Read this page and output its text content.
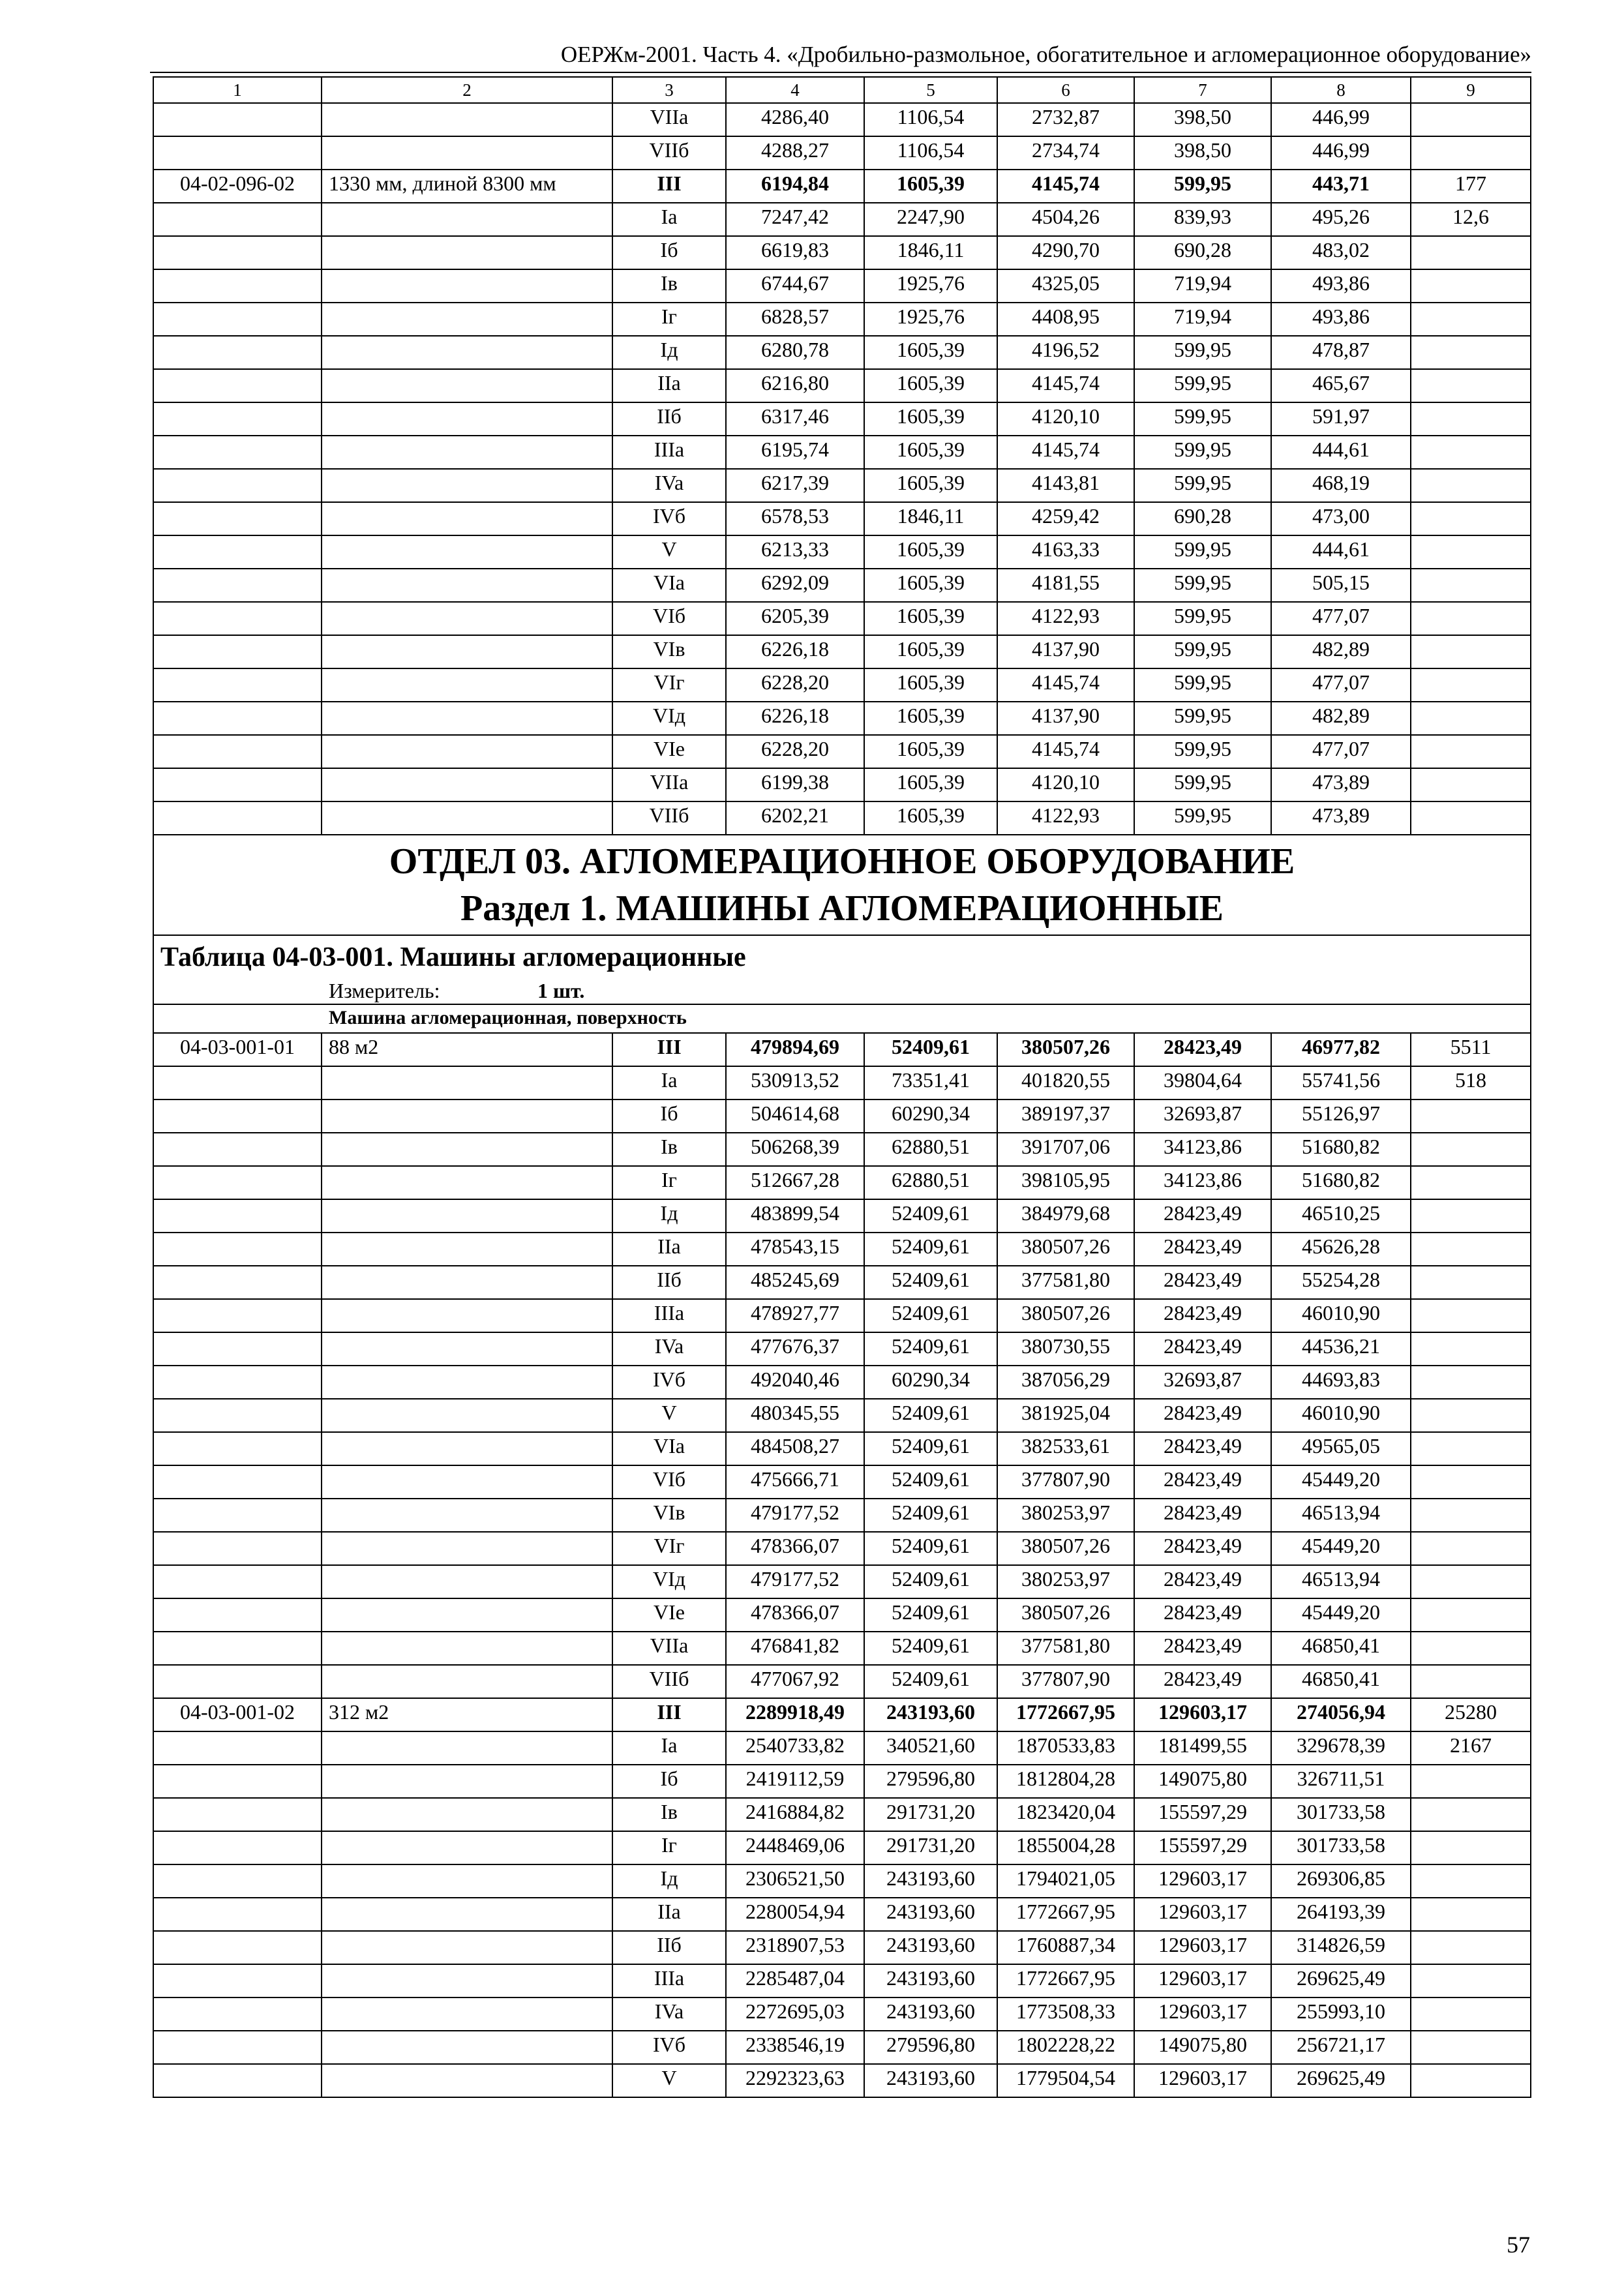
ОЕРЖм-2001. Часть 4. «Дробильно-размольное, обогатительное и агломерационное оборудование»
1	2	3	4	5	6	7	8	9
		VIIa	4286,40	1106,54	2732,87	398,50	446,99	
		VIIб	4288,27	1106,54	2734,74	398,50	446,99	
04-02-096-02	1330 мм, длиной 8300 мм	III	6194,84	1605,39	4145,74	599,95	443,71	177
		Ia	7247,42	2247,90	4504,26	839,93	495,26	12,6
		Iб	6619,83	1846,11	4290,70	690,28	483,02	
		Iв	6744,67	1925,76	4325,05	719,94	493,86	
		Iг	6828,57	1925,76	4408,95	719,94	493,86	
		Iд	6280,78	1605,39	4196,52	599,95	478,87	
		IIa	6216,80	1605,39	4145,74	599,95	465,67	
		IIб	6317,46	1605,39	4120,10	599,95	591,97	
		IIIa	6195,74	1605,39	4145,74	599,95	444,61	
		IVa	6217,39	1605,39	4143,81	599,95	468,19	
		IVб	6578,53	1846,11	4259,42	690,28	473,00	
		V	6213,33	1605,39	4163,33	599,95	444,61	
		VIa	6292,09	1605,39	4181,55	599,95	505,15	
		VIб	6205,39	1605,39	4122,93	599,95	477,07	
		VIв	6226,18	1605,39	4137,90	599,95	482,89	
		VIг	6228,20	1605,39	4145,74	599,95	477,07	
		VIд	6226,18	1605,39	4137,90	599,95	482,89	
		VIe	6228,20	1605,39	4145,74	599,95	477,07	
		VIIa	6199,38	1605,39	4120,10	599,95	473,89	
		VIIб	6202,21	1605,39	4122,93	599,95	473,89	

ОТДЕЛ 03. АГЛОМЕРАЦИОННОЕ ОБОРУДОВАНИЕ
Раздел 1. МАШИНЫ АГЛОМЕРАЦИОННЫЕ								

Таблица 04-03-001. Машины агломерационные								
Измеритель: 1 шт.								
Машина агломерационная, поверхность								
04-03-001-01	88 м2	III	479894,69	52409,61	380507,26	28423,49	46977,82	5511
		Ia	530913,52	73351,41	401820,55	39804,64	55741,56	518
		Iб	504614,68	60290,34	389197,37	32693,87	55126,97	
		Iв	506268,39	62880,51	391707,06	34123,86	51680,82	
		Iг	512667,28	62880,51	398105,95	34123,86	51680,82	
		Iд	483899,54	52409,61	384979,68	28423,49	46510,25	
		IIa	478543,15	52409,61	380507,26	28423,49	45626,28	
		IIб	485245,69	52409,61	377581,80	28423,49	55254,28	
		IIIa	478927,77	52409,61	380507,26	28423,49	46010,90	
		IVa	477676,37	52409,61	380730,55	28423,49	44536,21	
		IVб	492040,46	60290,34	387056,29	32693,87	44693,83	
		V	480345,55	52409,61	381925,04	28423,49	46010,90	
		VIa	484508,27	52409,61	382533,61	28423,49	49565,05	
		VIб	475666,71	52409,61	377807,90	28423,49	45449,20	
		VIв	479177,52	52409,61	380253,97	28423,49	46513,94	
		VIг	478366,07	52409,61	380507,26	28423,49	45449,20	
		VIд	479177,52	52409,61	380253,97	28423,49	46513,94	
		VIe	478366,07	52409,61	380507,26	28423,49	45449,20	
		VIIa	476841,82	52409,61	377581,80	28423,49	46850,41	
		VIIб	477067,92	52409,61	377807,90	28423,49	46850,41	
04-03-001-02	312 м2	III	2289918,49	243193,60	1772667,95	129603,17	274056,94	25280
		Ia	2540733,82	340521,60	1870533,83	181499,55	329678,39	2167
		Iб	2419112,59	279596,80	1812804,28	149075,80	326711,51	
		Iв	2416884,82	291731,20	1823420,04	155597,29	301733,58	
		Iг	2448469,06	291731,20	1855004,28	155597,29	301733,58	
		Iд	2306521,50	243193,60	1794021,05	129603,17	269306,85	
		IIa	2280054,94	243193,60	1772667,95	129603,17	264193,39	
		IIб	2318907,53	243193,60	1760887,34	129603,17	314826,59	
		IIIa	2285487,04	243193,60	1772667,95	129603,17	269625,49	
		IVa	2272695,03	243193,60	1773508,33	129603,17	255993,10	
		IVб	2338546,19	279596,80	1802228,22	149075,80	256721,17	
		V	2292323,63	243193,60	1779504,54	129603,17	269625,49	
57
